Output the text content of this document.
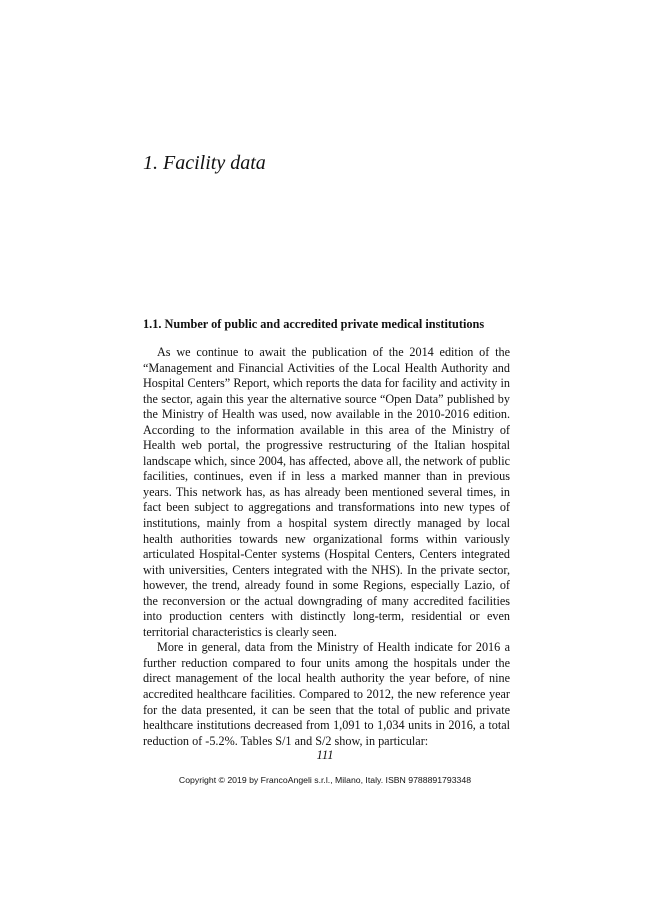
1. Facility data
1.1. Number of public and accredited private medical institutions

As we continue to await the publication of the 2014 edition of the “Management and Financial Activities of the Local Health Authority and Hospital Centers” Report, which reports the data for facility and activity in the sector, again this year the alternative source “Open Data” published by the Ministry of Health was used, now available in the 2010-2016 edition. According to the information available in this area of the Ministry of Health web portal, the progressive restructuring of the Italian hospital landscape which, since 2004, has affected, above all, the network of public facilities, continues, even if in less a marked manner than in previous years. This network has, as has already been mentioned several times, in fact been subject to aggregations and transformations into new types of institutions, mainly from a hospital system directly managed by local health authorities towards new organizational forms within variously articulated Hospital-Center systems (Hospital Centers, Centers integrated with universities, Centers integrated with the NHS). In the private sector, however, the trend, already found in some Regions, especially Lazio, of the reconversion or the actual downgrading of many accredited facilities into production centers with distinctly long-term, residential or even territorial characteristics is clearly seen.

More in general, data from the Ministry of Health indicate for 2016 a further reduction compared to four units among the hospitals under the direct management of the local health authority the year before, of nine accredited healthcare facilities. Compared to 2012, the new reference year for the data presented, it can be seen that the total of public and private healthcare institutions decreased from 1,091 to 1,034 units in 2016, a total reduction of -5.2%. Tables S/1 and S/2 show, in particular:

111
Copyright © 2019 by FrancoAngeli s.r.l., Milano, Italy. ISBN 9788891793348
